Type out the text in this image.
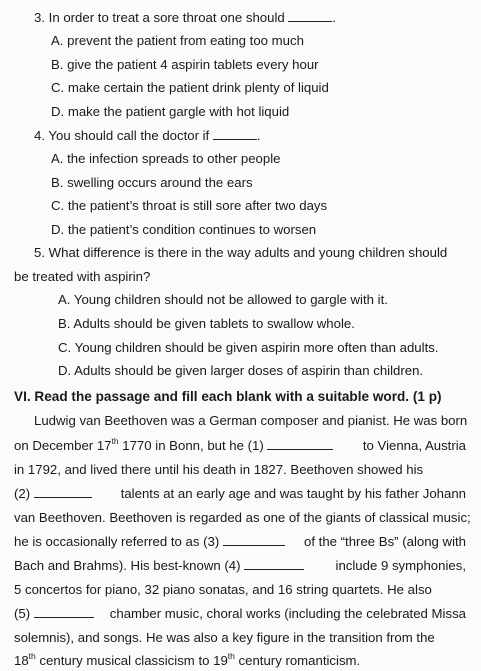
3. In order to treat a sore throat one should	.
A. prevent the patient from eating too much
B. give the patient 4 aspirin tablets every hour
C. make certain the patient drink plenty of liquid
D. make the patient gargle with hot liquid
4. You should call the doctor if	.
A. the infection spreads to other people
B. swelling occurs around the ears
C. the patient’s throat is still sore after two days
D. the patient’s condition continues to worsen
5. What difference is there in the way adults and young children should
be treated with aspirin?
A. Young children should not be allowed to gargle with it.
B. Adults should be given tablets to swallow whole.
C. Young children should be given aspirin more often than adults.
D. Adults should be given larger doses of aspirin than children.
VI. Read the passage and fill each blank with a suitable word. (1 p)
Ludwig van Beethoven was a German composer and pianist. He was born
on December 17th 1770 in Bonn, but he (1)	to Vienna, Austria
in 1792, and lived there until his death in 1827. Beethoven showed his
(2)	talents at an early age and was taught by his father Johann
van Beethoven. Beethoven is regarded as one of the giants of classical music;
he is occasionally referred to as (3)	of the “three Bs” (along with
Bach and Brahms). His best-known (4)	include 9 symphonies,
5 concertos for piano, 32 piano sonatas, and 16 string quartets. He also
(5)	chamber music, choral works (including the celebrated Missa
solemnis), and songs. He was also a key figure in the transition from the
18th century musical classicism to 19th century romanticism.
